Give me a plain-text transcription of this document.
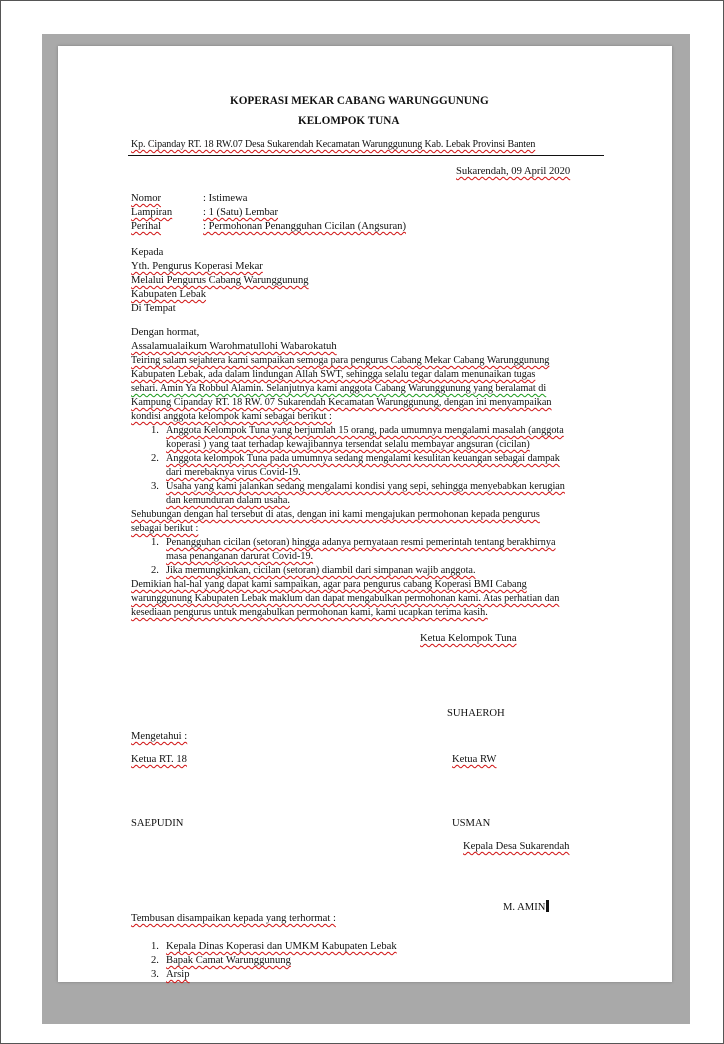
KOPERASI MEKAR CABANG WARUNGGUNUNG
KELOMPOK TUNA
Kp. Cipanday RT. 18 RW.07 Desa Sukarendah Kecamatan Warunggunung Kab. Lebak Provinsi Banten
Sukarendah, 09 April 2020
Nomor	: Istimewa
Lampiran	: 1 (Satu) Lembar
Perihal	: Permohonan Penangguhan Cicilan (Angsuran)
Kepada
Yth. Pengurus Koperasi Mekar
Melalui Pengurus Cabang Warunggunung
Kabupaten Lebak
Di Tempat
Dengan hormat,
Assalamualaikum Warohmatullohi Wabarokatuh
Teiring salam sejahtera kami sampaikan semoga para pengurus Cabang Mekar Cabang Warunggunung
Kabupaten Lebak, ada dalam lindungan Allah SWT, sehingga selalu tegar dalam menunaikan tugas
sehari. Amin Ya Robbul Alamin. Selanjutnya kami anggota Cabang Warunggunung yang beralamat di
Kampung Cipanday RT. 18 RW. 07 Sukarendah Kecamatan Warunggunung, dengan ini menyampaikan
kondisi anggota kelompok kami sebagai berikut :
1. Anggota Kelompok Tuna yang berjumlah 15 orang, pada umumnya mengalami masalah (anggota
koperasi ) yang taat terhadap kewajibannya tersendat selalu membayar angsuran (cicilan)
2. Anggota kelompok Tuna pada umumnya sedang mengalami kesulitan keuangan sebagai dampak
dari merebaknya virus Covid-19.
3. Usaha yang kami jalankan sedang mengalami kondisi yang sepi, sehingga menyebabkan kerugian
dan kemunduran dalam usaha.
Sehubungan dengan hal tersebut di atas, dengan ini kami mengajukan permohonan kepada pengurus
sebagai berikut :
1. Penangguhan cicilan (setoran) hingga adanya pernyataan resmi pemerintah tentang berakhirnya
masa penanganan darurat Covid-19.
2. Jika memungkinkan, cicilan (setoran) diambil dari simpanan wajib anggota.
Demikian hal-hal yang dapat kami sampaikan, agar para pengurus cabang Koperasi BMI Cabang
warunggunung Kabupaten Lebak maklum dan dapat mengabulkan permohonan kami. Atas perhatian dan
kesediaan pengurus untuk mengabulkan permohonan kami, kami ucapkan terima kasih.
Ketua Kelompok Tuna
SUHAEROH
Mengetahui :
Ketua RT. 18	Ketua RW
SAEPUDIN	USMAN
Kepala Desa Sukarendah
M. AMIN
Tembusan disampaikan kepada yang terhormat :
1. Kepala Dinas Koperasi dan UMKM Kabupaten Lebak
2. Bapak Camat Warunggunung
3. Arsip
